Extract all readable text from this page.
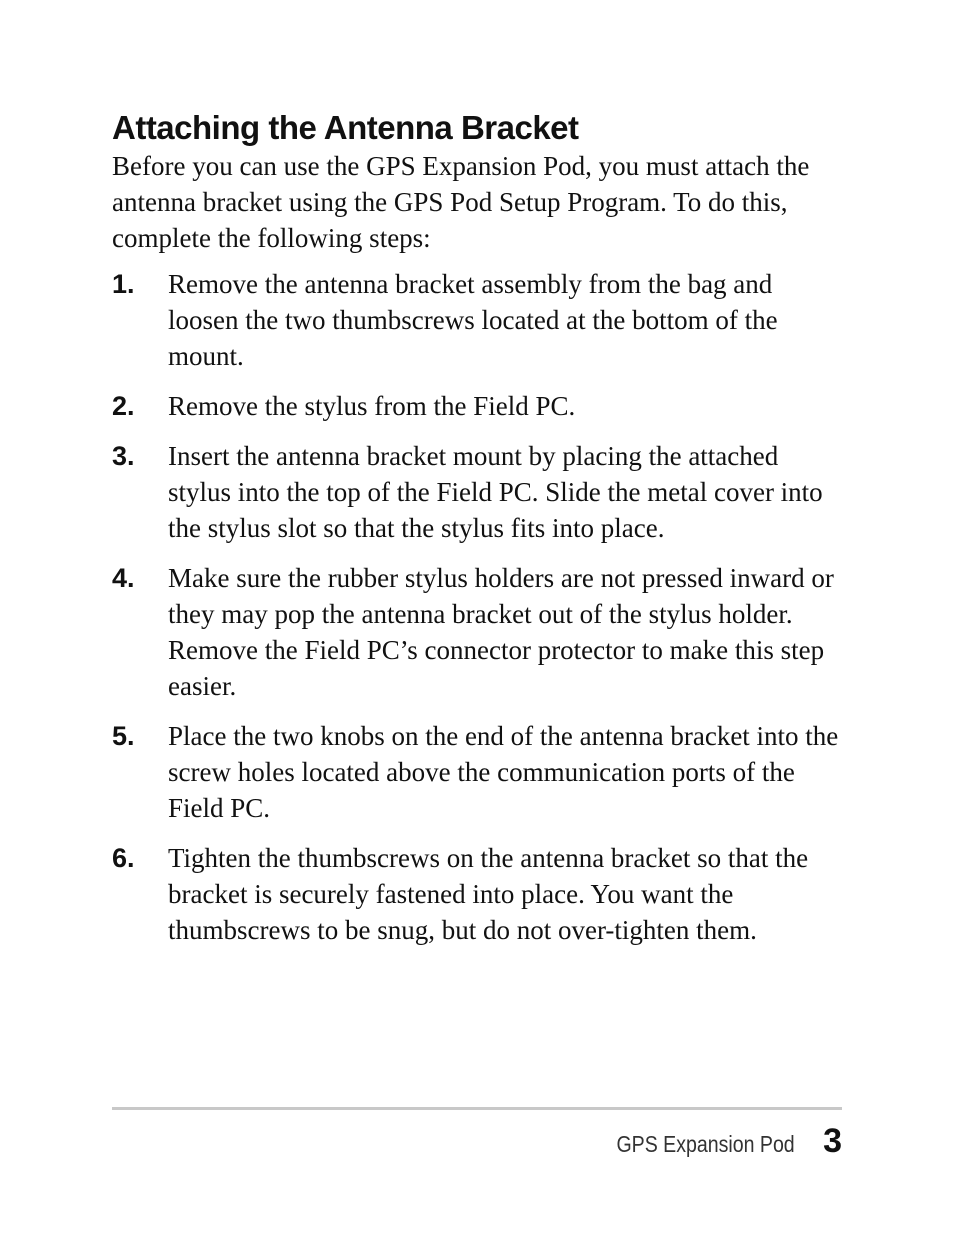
Attaching the Antenna Bracket

Before you can use the GPS Expansion Pod, you must attach the antenna bracket using the GPS Pod Setup Program. To do this, complete the following steps:

1. Remove the antenna bracket assembly from the bag and loosen the two thumbscrews located at the bottom of the mount.
2. Remove the stylus from the Field PC.
3. Insert the antenna bracket mount by placing the attached stylus into the top of the Field PC. Slide the metal cover into the stylus slot so that the stylus fits into place.
4. Make sure the rubber stylus holders are not pressed inward or they may pop the antenna bracket out of the stylus holder. Remove the Field PC’s connector protector to make this step easier.
5. Place the two knobs on the end of the antenna bracket into the screw holes located above the communication ports of the Field PC.
6. Tighten the thumbscrews on the antenna bracket so that the bracket is securely fastened into place. You want the thumbscrews to be snug, but do not over-tighten them.
GPS Expansion Pod 3
